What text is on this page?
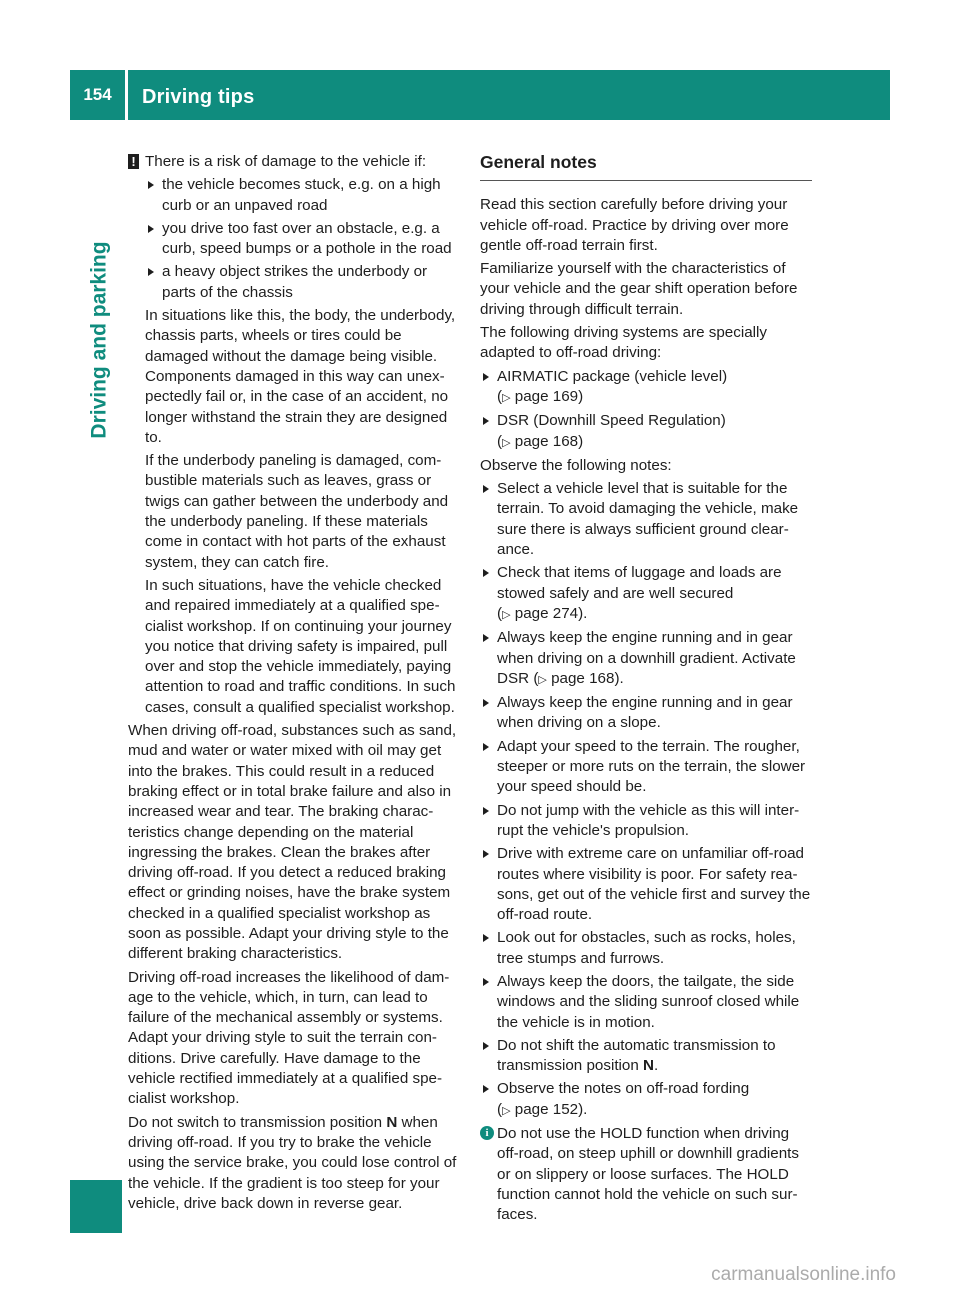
154	Driving tips
Driving and parking
! There is a risk of damage to the vehicle if:

the vehicle becomes stuck, e.g. on a high curb or an unpaved road
you drive too fast over an obstacle, e.g. a curb, speed bumps or a pothole in the road
a heavy object strikes the underbody or parts of the chassis

In situations like this, the body, the underbody, chassis parts, wheels or tires could be damaged without the damage being visible. Components damaged in this way can unexpectedly fail or, in the case of an accident, no longer withstand the strain they are designed to.

If the underbody paneling is damaged, combustible materials such as leaves, grass or twigs can gather between the underbody and the underbody paneling. If these materials come in contact with hot parts of the exhaust system, they can catch fire.

In such situations, have the vehicle checked and repaired immediately at a qualified specialist workshop. If on continuing your journey you notice that driving safety is impaired, pull over and stop the vehicle immediately, paying attention to road and traffic conditions. In such cases, consult a qualified specialist workshop.

When driving off-road, substances such as sand, mud and water or water mixed with oil may get into the brakes. This could result in a reduced braking effect or in total brake failure and also in increased wear and tear. The braking characteristics change depending on the material ingressing the brakes. Clean the brakes after driving off-road. If you detect a reduced braking effect or grinding noises, have the brake system checked in a qualified specialist workshop as soon as possible. Adapt your driving style to the different braking characteristics.

Driving off-road increases the likelihood of damage to the vehicle, which, in turn, can lead to failure of the mechanical assembly or systems. Adapt your driving style to suit the terrain conditions. Drive carefully. Have damage to the vehicle rectified immediately at a qualified specialist workshop.

Do not switch to transmission position N when driving off-road. If you try to brake the vehicle using the service brake, you could lose control of the vehicle. If the gradient is too steep for your vehicle, drive back down in reverse gear.

General notes

Read this section carefully before driving your vehicle off-road. Practice by driving over more gentle off-road terrain first.

Familiarize yourself with the characteristics of your vehicle and the gear shift operation before driving through difficult terrain.

The following driving systems are specially adapted to off-road driving:

AIRMATIC package (vehicle level)
(▷ page 169)
DSR (Downhill Speed Regulation)
(▷ page 168)

Observe the following notes:

Select a vehicle level that is suitable for the terrain. To avoid damaging the vehicle, make sure there is always sufficient ground clearance.
Check that items of luggage and loads are stowed safely and are well secured
(▷ page 274).
Always keep the engine running and in gear when driving on a downhill gradient. Activate DSR (▷ page 168).
Always keep the engine running and in gear when driving on a slope.
Adapt your speed to the terrain. The rougher, steeper or more ruts on the terrain, the slower your speed should be.
Do not jump with the vehicle as this will interrupt the vehicle's propulsion.
Drive with extreme care on unfamiliar off-road routes where visibility is poor. For safety reasons, get out of the vehicle first and survey the off-road route.
Look out for obstacles, such as rocks, holes, tree stumps and furrows.
Always keep the doors, the tailgate, the side windows and the sliding sunroof closed while the vehicle is in motion.
Do not shift the automatic transmission to transmission position N.
Observe the notes on off-road fording
(▷ page 152).
i Do not use the HOLD function when driving off-road, on steep uphill or downhill gradients or on slippery or loose surfaces. The HOLD function cannot hold the vehicle on such surfaces.

carmanualsonline.info
